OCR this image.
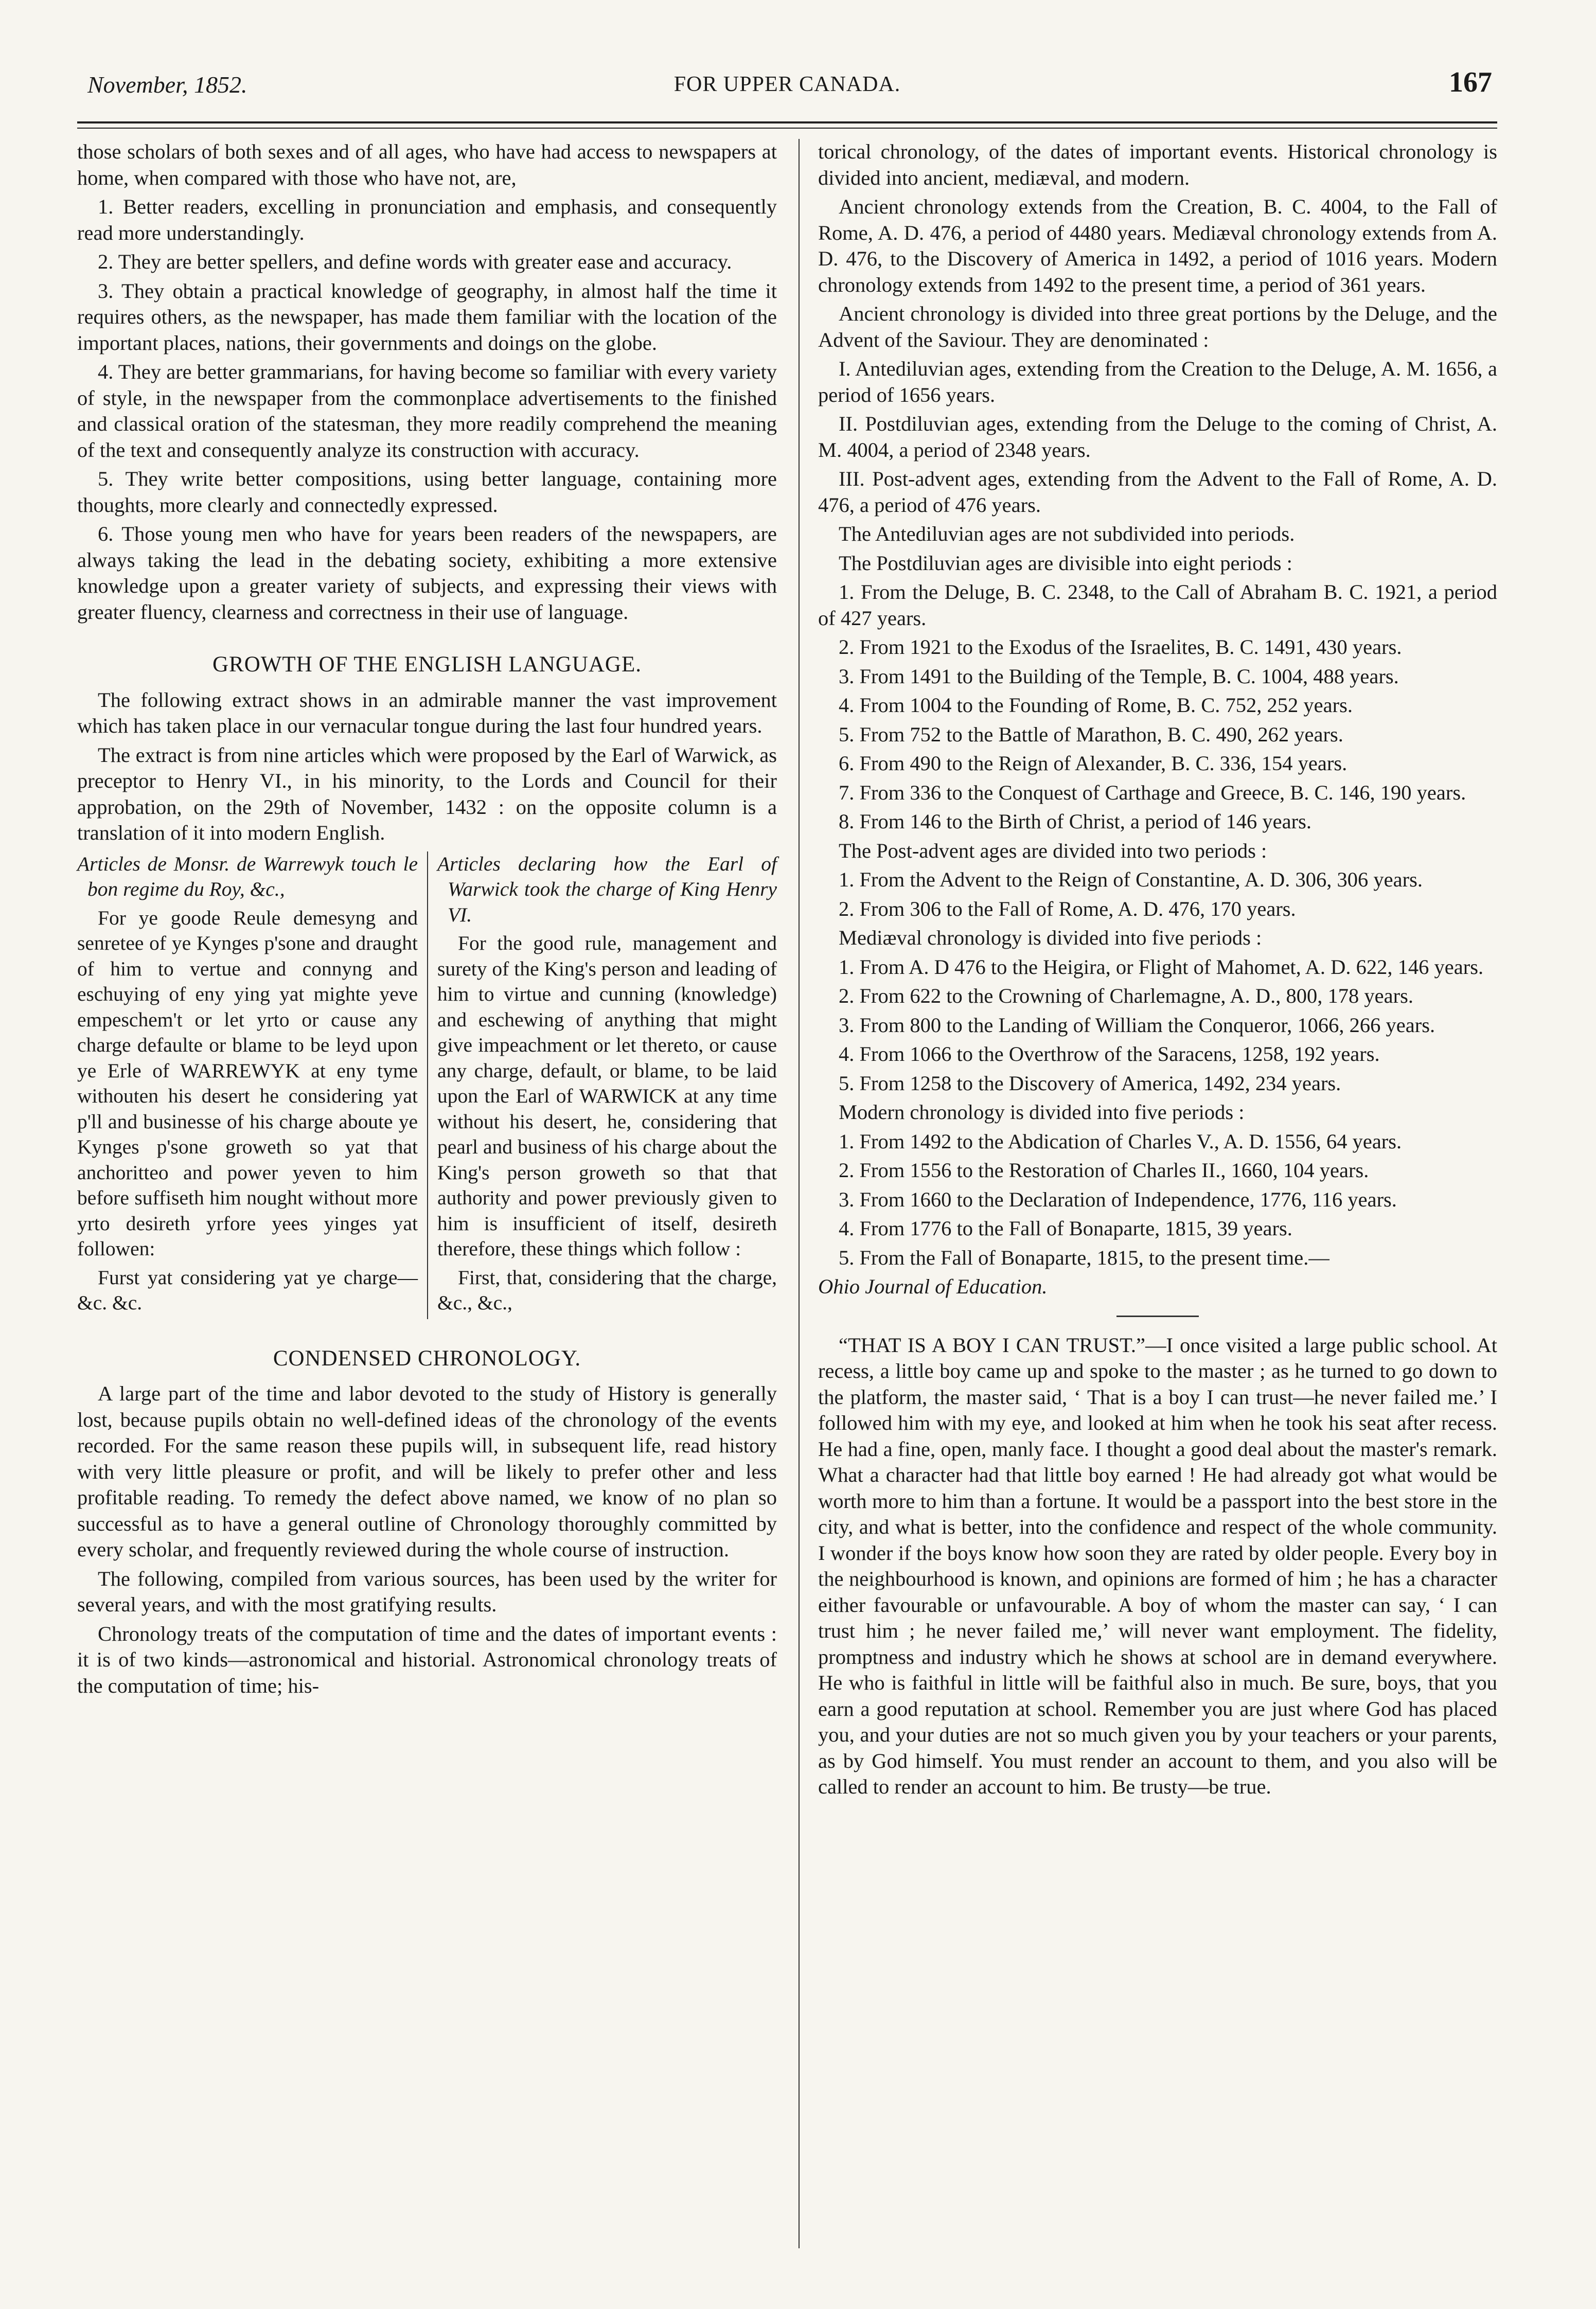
November, 1852.	FOR UPPER CANADA.	167

those scholars of both sexes and of all ages, who have had access to newspapers at home, when compared with those who have not, are,

1. Better readers, excelling in pronunciation and emphasis, and consequently read more understandingly.

2. They are better spellers, and define words with greater ease and accuracy.

3. They obtain a practical knowledge of geography, in almost half the time it requires others, as the newspaper, has made them familiar with the location of the important places, nations, their governments and doings on the globe.

4. They are better grammarians, for having become so familiar with every variety of style, in the newspaper from the commonplace advertisements to the finished and classical oration of the statesman, they more readily comprehend the meaning of the text and consequently analyze its construction with accuracy.

5. They write better compositions, using better language, containing more thoughts, more clearly and connectedly expressed.

6. Those young men who have for years been readers of the newspapers, are always taking the lead in the debating society, exhibiting a more extensive knowledge upon a greater variety of subjects, and expressing their views with greater fluency, clearness and correctness in their use of language.

GROWTH OF THE ENGLISH LANGUAGE.

The following extract shows in an admirable manner the vast improvement which has taken place in our vernacular tongue during the last four hundred years.

The extract is from nine articles which were proposed by the Earl of Warwick, as preceptor to Henry VI., in his minority, to the Lords and Council for their approbation, on the 29th of November, 1432 : on the opposite column is a translation of it into modern English.

Articles de Monsr. de Warrewyk touch le bon regime du Roy, &c.,

For ye goode Reule demesyng and senretee of ye Kynges p'sone and draught of him to vertue and connyng and eschuying of eny ying yat mighte yeve empeschem't or let yrto or cause any charge defaulte or blame to be leyd upon ye Erle of WARREWYK at eny tyme withouten his desert he considering yat p'll and businesse of his charge aboute ye Kynges p'sone groweth so yat that anchoritteo and power yeven to him before suffiseth him nought without more yrto desireth yrfore yees yinges yat followen:

Furst yat considering yat ye charge—&c. &c.

Articles declaring how the Earl of Warwick took the charge of King Henry VI.

For the good rule, management and surety of the King's person and leading of him to virtue and cunning (knowledge) and eschewing of anything that might give impeachment or let thereto, or cause any charge, default, or blame, to be laid upon the Earl of WARWICK at any time without his desert, he, considering that pearl and business of his charge about the King's person groweth so that that authority and power previously given to him is insufficient of itself, desireth therefore, these things which follow :

First, that, considering that the charge, &c., &c.,

CONDENSED CHRONOLOGY.

A large part of the time and labor devoted to the study of History is generally lost, because pupils obtain no well-defined ideas of the chronology of the events recorded. For the same reason these pupils will, in subsequent life, read history with very little pleasure or profit, and will be likely to prefer other and less profitable reading. To remedy the defect above named, we know of no plan so successful as to have a general outline of Chronology thoroughly committed by every scholar, and frequently reviewed during the whole course of instruction.

The following, compiled from various sources, has been used by the writer for several years, and with the most gratifying results.

Chronology treats of the computation of time and the dates of important events : it is of two kinds—astronomical and historial. Astronomical chronology treats of the computation of time; his-

torical chronology, of the dates of important events. Historical chronology is divided into ancient, mediæval, and modern.

Ancient chronology extends from the Creation, B. C. 4004, to the Fall of Rome, A. D. 476, a period of 4480 years. Mediæval chronology extends from A. D. 476, to the Discovery of America in 1492, a period of 1016 years. Modern chronology extends from 1492 to the present time, a period of 361 years.

Ancient chronology is divided into three great portions by the Deluge, and the Advent of the Saviour. They are denominated :

I. Antediluvian ages, extending from the Creation to the Deluge, A. M. 1656, a period of 1656 years.

II. Postdiluvian ages, extending from the Deluge to the coming of Christ, A. M. 4004, a period of 2348 years.

III. Post-advent ages, extending from the Advent to the Fall of Rome, A. D. 476, a period of 476 years.

The Antediluvian ages are not subdivided into periods.

The Postdiluvian ages are divisible into eight periods :

1. From the Deluge, B. C. 2348, to the Call of Abraham B. C. 1921, a period of 427 years.

2. From 1921 to the Exodus of the Israelites, B. C. 1491, 430 years.

3. From 1491 to the Building of the Temple, B. C. 1004, 488 years.

4. From 1004 to the Founding of Rome, B. C. 752, 252 years.

5. From 752 to the Battle of Marathon, B. C. 490, 262 years.

6. From 490 to the Reign of Alexander, B. C. 336, 154 years.

7. From 336 to the Conquest of Carthage and Greece, B. C. 146, 190 years.

8. From 146 to the Birth of Christ, a period of 146 years.

The Post-advent ages are divided into two periods :

1. From the Advent to the Reign of Constantine, A. D. 306, 306 years.

2. From 306 to the Fall of Rome, A. D. 476, 170 years.

Mediæval chronology is divided into five periods :

1. From A. D 476 to the Heigira, or Flight of Mahomet, A. D. 622, 146 years.

2. From 622 to the Crowning of Charlemagne, A. D., 800, 178 years.

3. From 800 to the Landing of William the Conqueror, 1066, 266 years.

4. From 1066 to the Overthrow of the Saracens, 1258, 192 years.

5. From 1258 to the Discovery of America, 1492, 234 years.

Modern chronology is divided into five periods :

1. From 1492 to the Abdication of Charles V., A. D. 1556, 64 years.

2. From 1556 to the Restoration of Charles II., 1660, 104 years.

3. From 1660 to the Declaration of Independence, 1776, 116 years.

4. From 1776 to the Fall of Bonaparte, 1815, 39 years.

5. From the Fall of Bonaparte, 1815, to the present time.—

Ohio Journal of Education.

“THAT IS A BOY I CAN TRUST.”—I once visited a large public school. At recess, a little boy came up and spoke to the master ; as he turned to go down to the platform, the master said, ‘ That is a boy I can trust—he never failed me.’ I followed him with my eye, and looked at him when he took his seat after recess. He had a fine, open, manly face. I thought a good deal about the master's remark. What a character had that little boy earned ! He had already got what would be worth more to him than a fortune. It would be a passport into the best store in the city, and what is better, into the confidence and respect of the whole community. I wonder if the boys know how soon they are rated by older people. Every boy in the neighbourhood is known, and opinions are formed of him ; he has a character either favourable or unfavourable. A boy of whom the master can say, ‘ I can trust him ; he never failed me,’ will never want employment. The fidelity, promptness and industry which he shows at school are in demand everywhere. He who is faithful in little will be faithful also in much. Be sure, boys, that you earn a good reputation at school. Remember you are just where God has placed you, and your duties are not so much given you by your teachers or your parents, as by God himself. You must render an account to them, and you also will be called to render an account to him. Be trusty—be true.
